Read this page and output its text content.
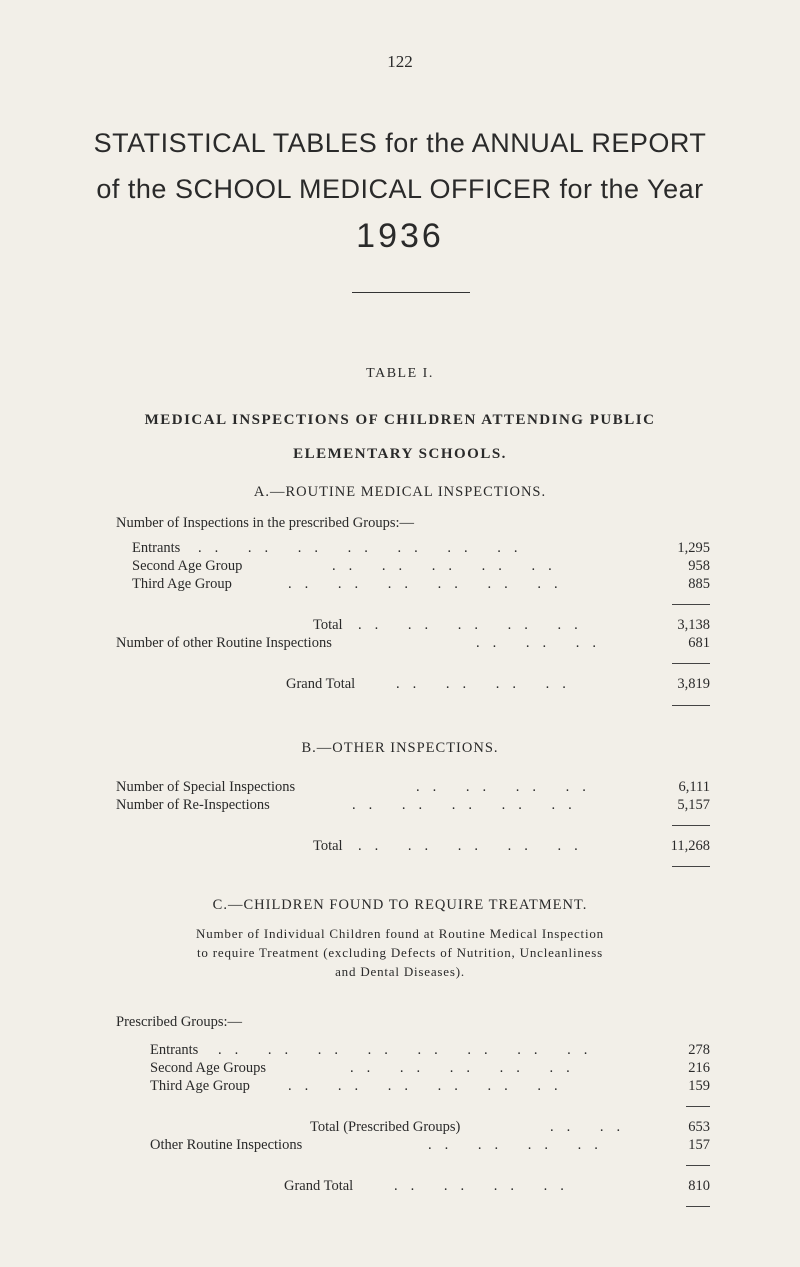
122
STATISTICAL TABLES for the ANNUAL REPORT
of the SCHOOL MEDICAL OFFICER for the Year
1936
TABLE I.
MEDICAL INSPECTIONS OF CHILDREN ATTENDING PUBLIC
ELEMENTARY SCHOOLS.
A.—ROUTINE MEDICAL INSPECTIONS.
Number of Inspections in the prescribed Groups:—
Entrants .. .. .. .. .. .. ..	1,295
Second Age Group	.. .. .. .. ..	958
Third Age Group	.. .. .. .. .. ..	885
Total .. .. .. .. ..	3,138
Number of other Routine Inspections	.. .. ..	681
Grand Total	.. .. .. ..	3,819
B.—OTHER INSPECTIONS.
Number of Special Inspections	.. .. .. ..	6,111
Number of Re-Inspections	.. .. .. .. ..	5,157
Total .. .. .. .. ..	11,268
C.—CHILDREN FOUND TO REQUIRE TREATMENT.
Number of Individual Children found at Routine Medical Inspection
to require Treatment (excluding Defects of Nutrition, Uncleanliness
and Dental Diseases).
Prescribed Groups:—
Entrants .. .. .. .. .. .. .. ..	278
Second Age Groups	.. .. .. .. ..	216
Third Age Group	.. .. .. .. .. ..	159
Total (Prescribed Groups)	.. ..	653
Other Routine Inspections	.. .. .. ..	157
Grand Total	.. .. .. ..	810
